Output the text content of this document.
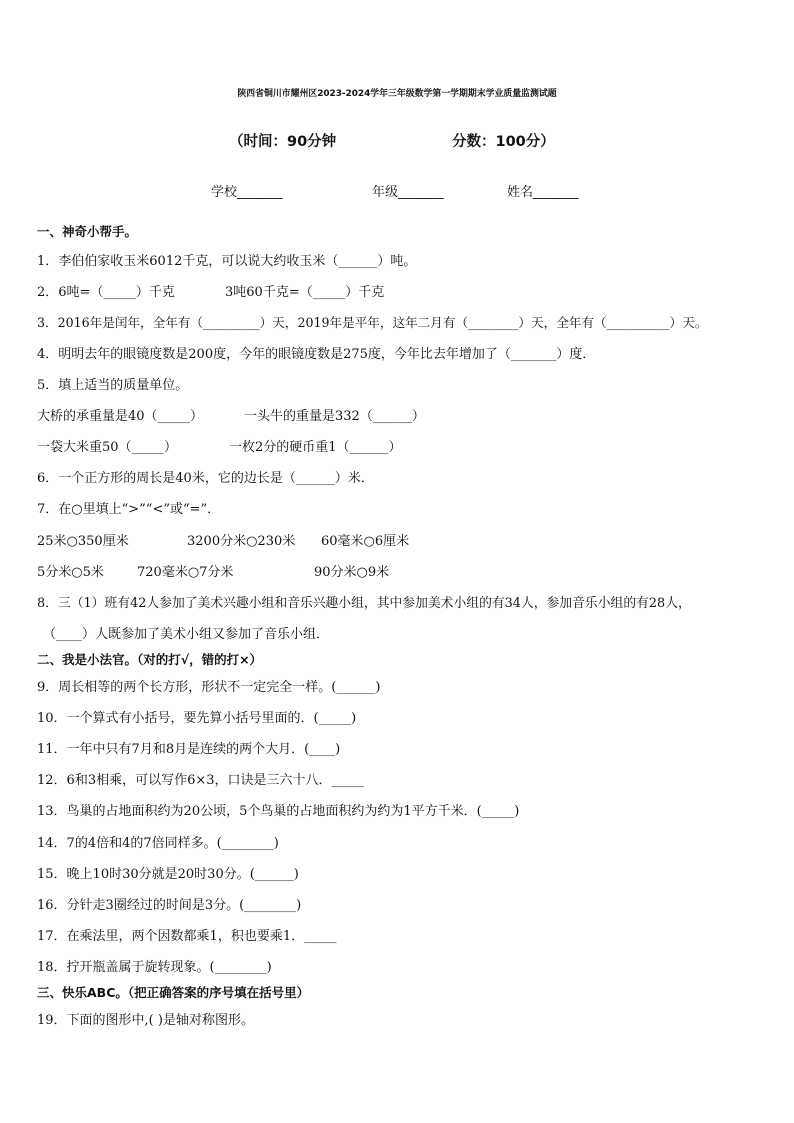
陕西省铜川市耀州区2023-2024学年三年级数学第一学期期末学业质量监测试题
（时间：90分钟	分数：100分）
学校_______	年级_______	姓名_______
一、神奇小帮手。
1．李伯伯家收玉米6012千克，可以说大约收玉米（______）吨。
2．6吨=（_____）千克	3吨60千克=（_____）千克
3．2016年是闰年，全年有（_________）天，2019年是平年，这年二月有（________）天，全年有（__________）天。
4．明明去年的眼镜度数是200度，今年的眼镜度数是275度，今年比去年增加了（_______）度．
5．填上适当的质量单位。
大桥的承重量是40（_____）	一头牛的重量是332（______）
一袋大米重50（_____）	一枚2分的硬币重1（______）
6．一个正方形的周长是40米，它的边长是（______）米．
7．在○里填上“>”“<”或“=”．
25米○350厘米	3200分米○230米 60毫米○6厘米
5分米○5米	720毫米○7分米	90分米○9米
8．三（1）班有42人参加了美术兴趣小组和音乐兴趣小组，其中参加美术小组的有34人，参加音乐小组的有28人，
（____）人既参加了美术小组又参加了音乐小组．
二、我是小法官。（对的打√，错的打×）
9．周长相等的两个长方形，形状不一定完全一样。(______)
10．一个算式有小括号，要先算小括号里面的．(_____)
11．一年中只有7月和8月是连续的两个大月．(____)
12．6和3相乘，可以写作6×3，口诀是三六十八．_____
13．鸟巢的占地面积约为20公顷，5个鸟巢的占地面积约为约为1平方千米．(_____)
14．7的4倍和4的7倍同样多。(________)
15．晚上10时30分就是20时30分。(______)
16．分针走3圈经过的时间是3分。(________)
17．在乘法里，两个因数都乘1，积也要乘1．_____
18．拧开瓶盖属于旋转现象。(________)
三、快乐ABC。（把正确答案的序号填在括号里）
19．下面的图形中,( )是轴对称图形。
